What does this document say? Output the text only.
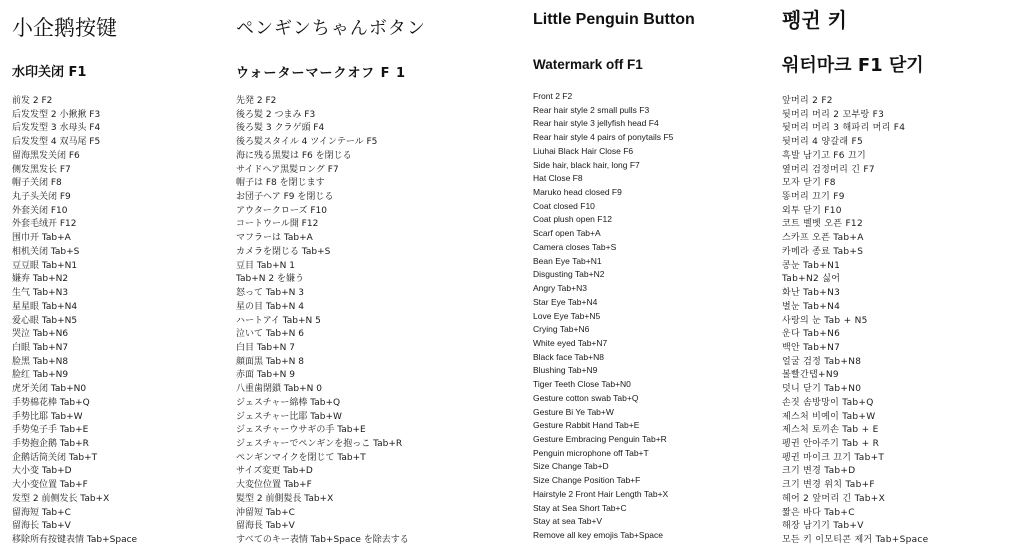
小企鹅按键
水印关闭 F1
前发 2 F2
后发发型 2 小揪揪 F3
后发发型 3 水母头 F4
后发发型 4 双马尾 F5
留海黑发关闭 F6
侧发黑发长 F7
帽子关闭 F8
丸子头关闭 F9
外套关闭 F10
外套毛绒开 F12
围巾开 Tab+A
相机关闭 Tab+S
豆豆眼 Tab+N1
嫌弃 Tab+N2
生气 Tab+N3
星星眼 Tab+N4
爱心眼 Tab+N5
哭泣 Tab+N6
白眼 Tab+N7
脸黑 Tab+N8
脸红 Tab+N9
虎牙关闭 Tab+N0
手势棉花棒 Tab+Q
手势比耶 Tab+W
手势兔子手 Tab+E
手势抱企鹅 Tab+R
企鹅话筒关闭 Tab+T
大小变 Tab+D
大小变位置 Tab+F
发型 2 前侧发长 Tab+X
留海短 Tab+C
留海长 Tab+V
移除所有按键表情 Tab+Space
ペンギンちゃんボタン
ウォーターマークオフ F 1
先発 2 F2
後ろ髪 2 つまみ F3
後ろ髪 3 クラゲ頭 F4
後ろ髪スタイル 4 ツインテール F5
海に残る黒髪は F6 を閉じる
サイドヘア黒髪ロング F7
帽子は F8 を閉じます
お団子ヘア F9 を閉じる
アウタークローズ F10
コートウール開 F12
マフラーは Tab+A
カメラを閉じる Tab+S
豆目 Tab+N 1
Tab+N 2 を嫌う
怒って Tab+N 3
星の目 Tab+N 4
ハートアイ Tab+N 5
泣いて Tab+N 6
白目 Tab+N 7
顔面黒 Tab+N 8
赤面 Tab+N 9
八重歯閉鎖 Tab+N 0
ジェスチャー綿棒 Tab+Q
ジェスチャー比耶 Tab+W
ジェスチャーウサギの手 Tab+E
ジェスチャーでペンギンを抱っこ Tab+R
ペンギンマイクを閉じて Tab+T
サイズ変更 Tab+D
大変位位置 Tab+F
髪型 2 前側髪長 Tab+X
沖留短 Tab+C
留海長 Tab+V
すべてのキー表情 Tab+Space を除去する
Little Penguin Button
Watermark off F1
Front 2 F2
Rear hair style 2 small pulls F3
Rear hair style 3 jellyfish head F4
Rear hair style 4 pairs of ponytails F5
Liuhai Black Hair Close F6
Side hair, black hair, long F7
Hat Close F8
Maruko head closed F9
Coat closed F10
Coat plush open F12
Scarf open Tab+A
Camera closes Tab+S
Bean Eye Tab+N1
Disgusting Tab+N2
Angry Tab+N3
Star Eye Tab+N4
Love Eye Tab+N5
Crying Tab+N6
White eyed Tab+N7
Black face Tab+N8
Blushing Tab+N9
Tiger Teeth Close Tab+N0
Gesture cotton swab Tab+Q
Gesture Bi Ye Tab+W
Gesture Rabbit Hand Tab+E
Gesture Embracing Penguin Tab+R
Penguin microphone off Tab+T
Size Change Tab+D
Size Change Position Tab+F
Hairstyle 2 Front Hair Length Tab+X
Stay at Sea Short Tab+C
Stay at sea Tab+V
Remove all key emojis Tab+Space
펭귄 키
워터마크 F1 닫기
앞머리 2 F2
뒷머리 머리 2 꼬부랑 F3
뒷머리 머리 3 해파리 머리 F4
뒷머리 4 양갈래 F5
흑발 남기고 F6 끄기
옆머리 검정머리 긴 F7
모자 닫기 F8
똥머리 끄기 F9
외투 닫기 F10
코트 벨벳 오픈 F12
스카프 오픈 Tab+A
카메라 종료 Tab+S
콩눈 Tab+N1
Tab+N2 싫어
화난 Tab+N3
별눈 Tab+N4
사랑의 눈 Tab + N5
운다 Tab+N6
백안 Tab+N7
얼굴 검정 Tab+N8
볼빨간탭+N9
덧니 닫기 Tab+N0
손짓 솜방망이 Tab+Q
제스처 비예이 Tab+W
제스처 토끼손 Tab + E
펭귄 안아주기 Tab + R
펭귄 마이크 끄기 Tab+T
크기 변경 Tab+D
크기 변경 위치 Tab+F
헤어 2 앞머리 긴 Tab+X
짧은 바다 Tab+C
해장 남기기 Tab+V
모든 키 이모티콘 제거 Tab+Space
